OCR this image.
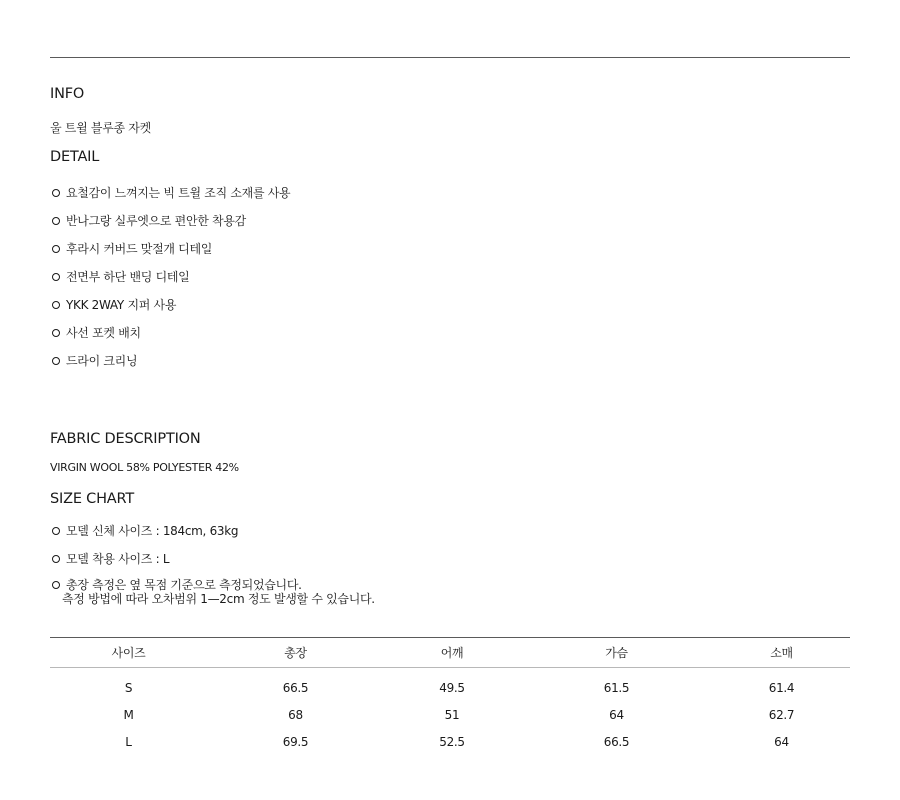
INFO
울 트윌 블루종 자켓
DETAIL
요철감이 느껴지는 빅 트윌 조직 소재를 사용
반나그랑 실루엣으로 편안한 착용감
후라시 커버드 맞절개 디테일
전면부 하단 밴딩 디테일
YKK 2WAY 지퍼 사용
사선 포켓 배치
드라이 크리닝
FABRIC DESCRIPTION
VIRGIN WOOL 58% POLYESTER 42%
SIZE CHART
모델 신체 사이즈 : 184cm, 63kg
모델 착용 사이즈 : L
총장 측정은 옆 목점 기준으로 측정되었습니다.
측정 방법에 따라 오차범위 1—2cm 정도 발생할 수 있습니다.
사이즈	총장	어깨	가슴	소매
S	66.5	49.5	61.5	61.4
M	68	51	64	62.7
L	69.5	52.5	66.5	64
